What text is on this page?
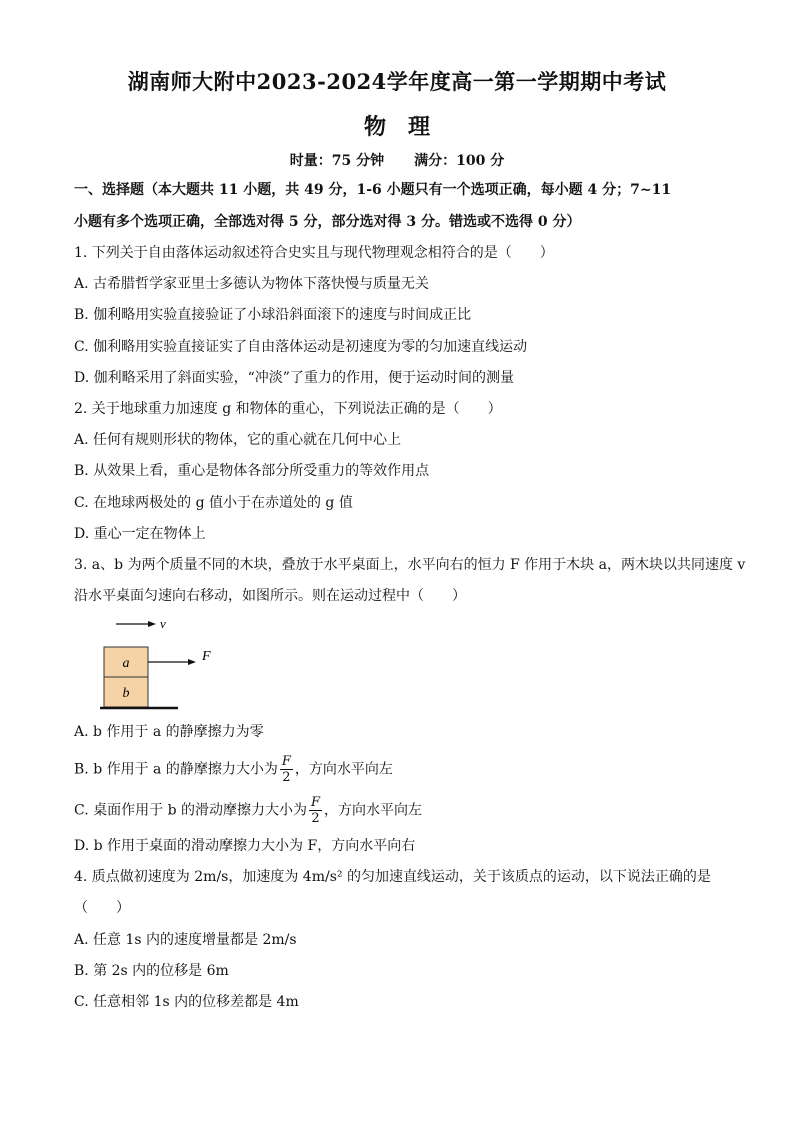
湖南师大附中2023-2024学年度高一第一学期期中考试
物理
时量：75 分钟 满分：100 分
一、选择题（本大题共 11 小题，共 49 分，1-6 小题只有一个选项正确，每小题 4 分；7~11
小题有多个选项正确，全部选对得 5 分，部分选对得 3 分。错选或不选得 0 分）
1. 下列关于自由落体运动叙述符合史实且与现代物理观念相符合的是（　　）
A. 古希腊哲学家亚里士多德认为物体下落快慢与质量无关
B. 伽利略用实验直接验证了小球沿斜面滚下的速度与时间成正比
C. 伽利略用实验直接证实了自由落体运动是初速度为零的匀加速直线运动
D. 伽利略采用了斜面实验，“冲淡”了重力的作用，便于运动时间的测量
2. 关于地球重力加速度 g 和物体的重心，下列说法正确的是（　　）
A. 任何有规则形状的物体，它的重心就在几何中心上
B. 从效果上看，重心是物体各部分所受重力的等效作用点
C. 在地球两极处的 g 值小于在赤道处的 g 值
D. 重心一定在物体上
3. a、b 为两个质量不同的木块，叠放于水平桌面上，水平向右的恒力 F 作用于木块 a，两木块以共同速度 v
沿水平桌面匀速向右移动，如图所示。则在运动过程中（　　）
v
a
b
F
A. b 作用于 a 的静摩擦力为零
B. b 作用于 a 的静摩擦力大小为 $\frac{F}{2}$ ，方向水平向左
C. 桌面作用于 b 的滑动摩擦力大小为 $\frac{F}{2}$ ，方向水平向左
D. b 作用于桌面的滑动摩擦力大小为 F，方向水平向右
4. 质点做初速度为 2m/s，加速度为 4m/s² 的匀加速直线运动，关于该质点的运动，以下说法正确的是
（　　）
A. 任意 1s 内的速度增量都是 2m/s
B. 第 2s 内的位移是 6m
C. 任意相邻 1s 内的位移差都是 4m
